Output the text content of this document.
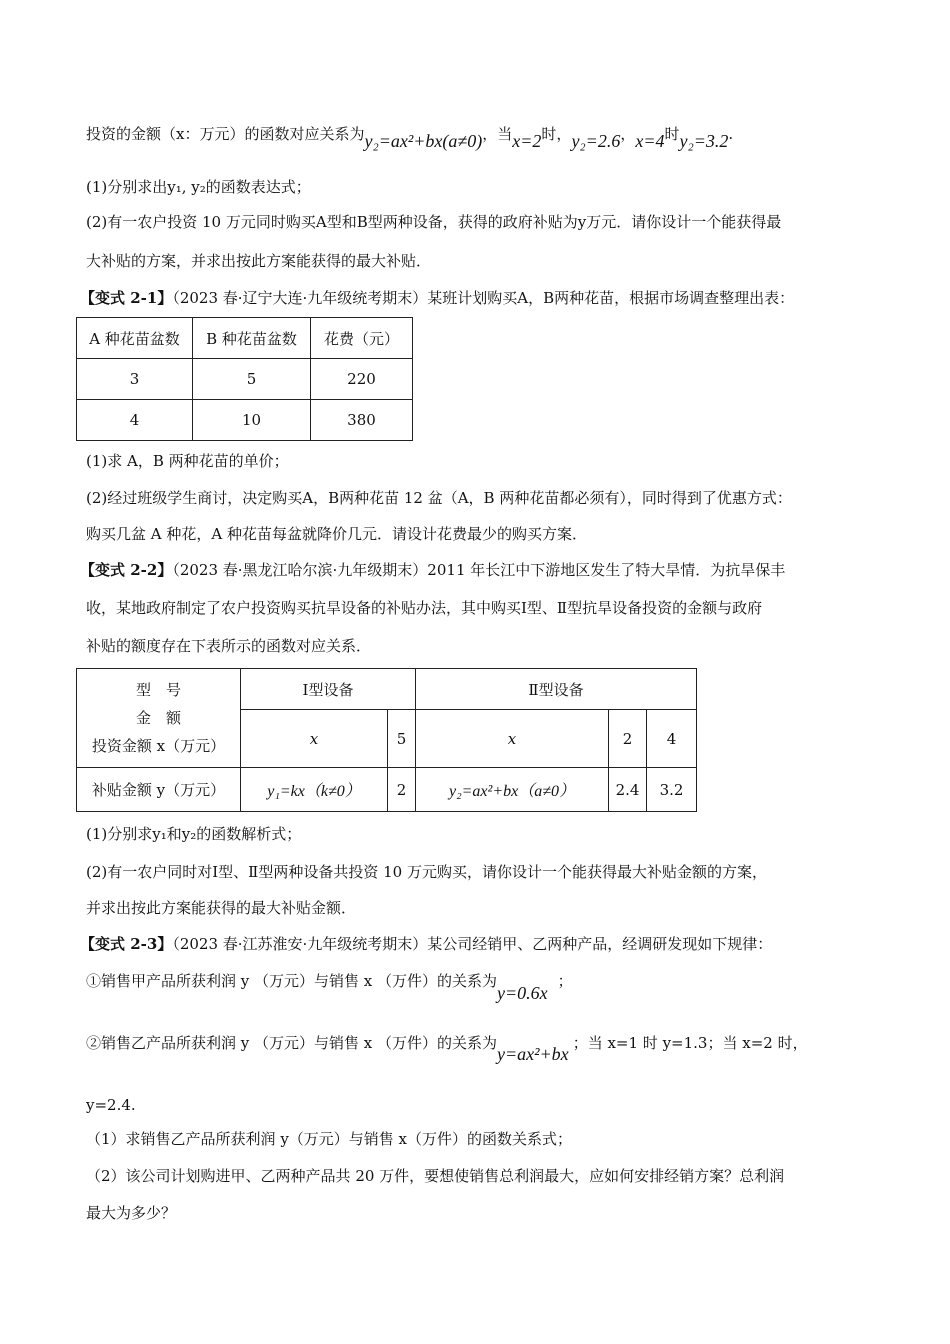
投资的金额（x：万元）的函数对应关系为y₂=ax²+bx(a≠0)，当x=2时，y₂=2.6，x=4时y₂=3.2.
(1)分别求出y₁, y₂的函数表达式；
(2)有一农户投资 10 万元同时购买A型和B型两种设备，获得的政府补贴为y万元．请你设计一个能获得最
大补贴的方案，并求出按此方案能获得的最大补贴．
【变式 2-1】（2023 春·辽宁大连·九年级统考期末）某班计划购买A，B两种花苗，根据市场调查整理出表：
A 种花苗盆数	B 种花苗盆数	花费（元）
3	5	220
4	10	380
(1)求 A，B 两种花苗的单价；
(2)经过班级学生商讨，决定购买A，B两种花苗 12 盆（A，B 两种花苗都必须有），同时得到了优惠方式：
购买几盆 A 种花，A 种花苗每盆就降价几元．请设计花费最少的购买方案．
【变式 2-2】（2023 春·黑龙江哈尔滨·九年级期末）2011 年长江中下游地区发生了特大旱情．为抗旱保丰
收，某地政府制定了农户投资购买抗旱设备的补贴办法，其中购买Ⅰ型、Ⅱ型抗旱设备投资的金额与政府
补贴的额度存在下表所示的函数对应关系．
型　号
金　额
投资金额 x（万元）	Ⅰ型设备		Ⅱ型设备		
	x	5	x	2	4
补贴金额 y（万元）	y₁=kx（k≠0）	2	y₂=ax²+bx（a≠0）	2.4	3.2
(1)分别求y₁和y₂的函数解析式；
(2)有一农户同时对Ⅰ型、Ⅱ型两种设备共投资 10 万元购买，请你设计一个能获得最大补贴金额的方案，
并求出按此方案能获得的最大补贴金额．
【变式 2-3】（2023 春·江苏淮安·九年级统考期末）某公司经销甲、乙两种产品，经调研发现如下规律：
①销售甲产品所获利润 y （万元）与销售 x （万件）的关系为y=0.6x；
②销售乙产品所获利润 y （万元）与销售 x （万件）的关系为y=ax²+bx；当 x=1 时 y=1.3；当 x=2 时，
y=2.4.
（1）求销售乙产品所获利润 y（万元）与销售 x（万件）的函数关系式；
（2）该公司计划购进甲、乙两种产品共 20 万件，要想使销售总利润最大，应如何安排经销方案？总利润
最大为多少？
